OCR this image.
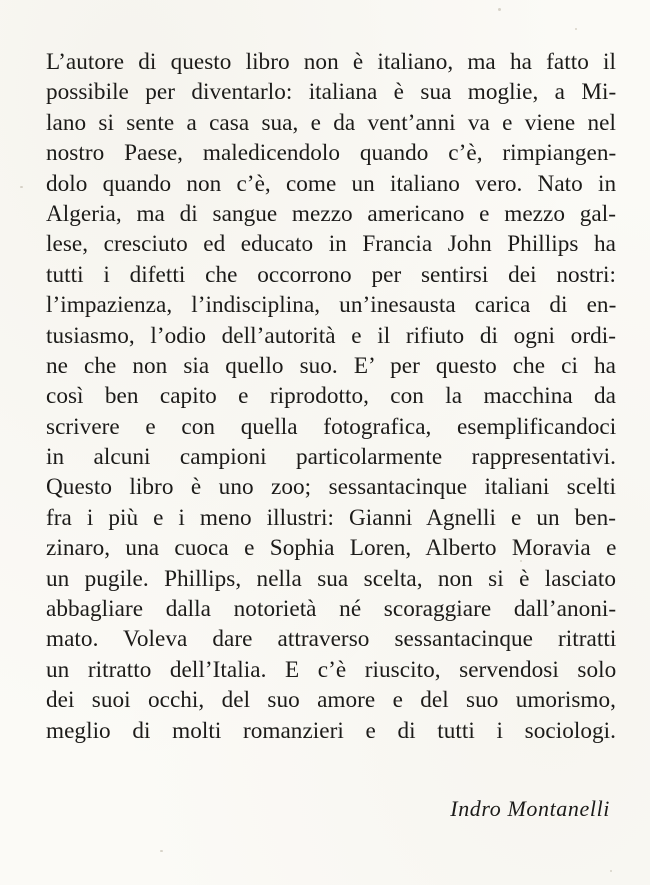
L’autore di questo libro non è italiano, ma ha fatto il
possibile per diventarlo: italiana è sua moglie, a Mi-
lano si sente a casa sua, e da vent’anni va e viene nel
nostro Paese, maledicendolo quando c’è, rimpiangen-
dolo quando non c’è, come un italiano vero. Nato in
Algeria, ma di sangue mezzo americano e mezzo gal-
lese, cresciuto ed educato in Francia John Phillips ha
tutti i difetti che occorrono per sentirsi dei nostri:
l’impazienza, l’indisciplina, un’inesausta carica di en-
tusiasmo, l’odio dell’autorità e il rifiuto di ogni ordi-
ne che non sia quello suo. E’ per questo che ci ha
così ben capito e riprodotto, con la macchina da
scrivere e con quella fotografica, esemplificandoci
in alcuni campioni particolarmente rappresentativi.
Questo libro è uno zoo; sessantacinque italiani scelti
fra i più e i meno illustri: Gianni Agnelli e un ben-
zinaro, una cuoca e Sophia Loren, Alberto Moravia e
un pugile. Phillips, nella sua scelta, non si è lasciato
abbagliare dalla notorietà né scoraggiare dall’anoni-
mato. Voleva dare attraverso sessantacinque ritratti
un ritratto dell’Italia. E c’è riuscito, servendosi solo
dei suoi occhi, del suo amore e del suo umorismo,
meglio di molti romanzieri e di tutti i sociologi.
Indro Montanelli
